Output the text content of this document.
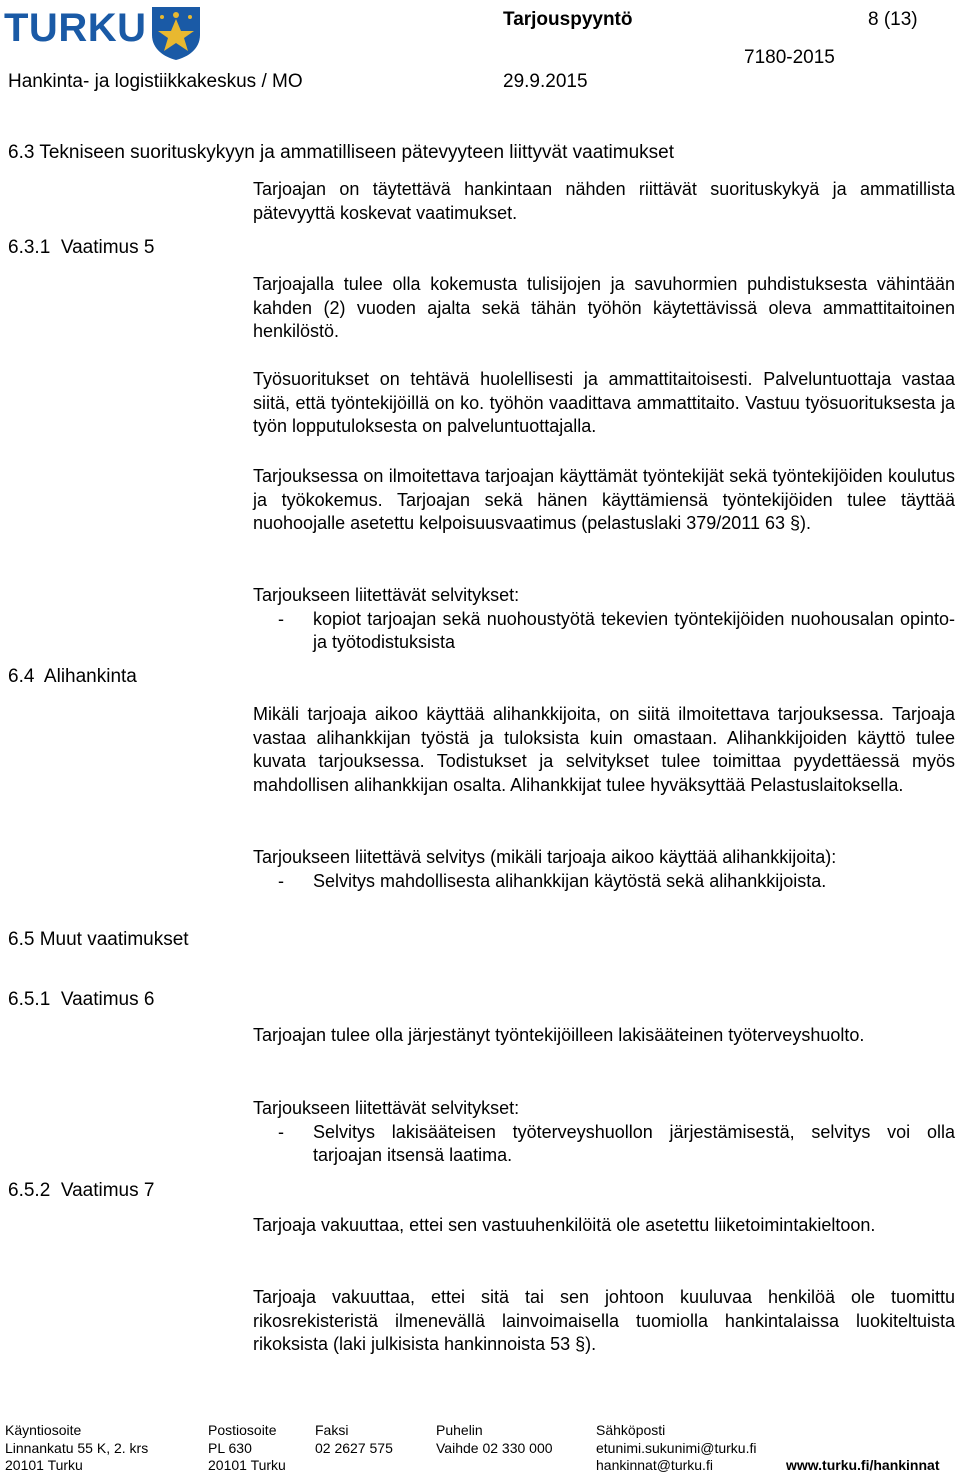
TURKU	Tarjouspyyntö	8 (13)
7180-2015
Hankinta- ja logistiikkakeskus / MO	29.9.2015
6.3 Tekniseen suorituskykyyn ja ammatilliseen pätevyyteen liittyvät vaatimukset
6.3.1  Vaatimus 5
6.4  Alihankinta
6.5 Muut vaatimukset
6.5.1  Vaatimus 6
6.5.2  Vaatimus 7

Tarjoajan on täytettävä hankintaan nähden riittävät suorituskykyä ja ammatillista pätevyyttä koskevat vaatimukset.

Tarjoajalla tulee olla kokemusta tulisijojen ja savuhormien puhdistuksesta vähintään kahden (2) vuoden ajalta sekä tähän työhön käytettävissä oleva ammattitaitoinen henkilöstö.

Työsuoritukset on tehtävä huolellisesti ja ammattitaitoisesti. Palveluntuottaja vastaa siitä, että työntekijöillä on ko. työhön vaadittava ammattitaito. Vastuu työsuorituksesta ja työn lopputuloksesta on palveluntuottajalla.

Tarjouksessa on ilmoitettava tarjoajan käyttämät työntekijät sekä työntekijöiden koulutus ja työkokemus. Tarjoajan sekä hänen käyttämiensä työntekijöiden tulee täyttää nuohoojalle asetettu kelpoisuusvaatimus (pelastuslaki 379/2011 63 §).

Tarjoukseen liitettävät selvitykset:

-	kopiot tarjoajan sekä nuohoustyötä tekevien työntekijöiden nuohousalan opinto- ja työtodistuksista

Mikäli tarjoaja aikoo käyttää alihankkijoita, on siitä ilmoitettava tarjouksessa. Tarjoaja vastaa alihankkijan työstä ja tuloksista kuin omastaan. Alihankkijoiden käyttö tulee kuvata tarjouksessa. Todistukset ja selvitykset tulee toimittaa pyydettäessä myös mahdollisen alihankkijan osalta. Alihankkijat tulee hyväksyttää Pelastuslaitoksella.

Tarjoukseen liitettävä selvitys (mikäli tarjoaja aikoo käyttää alihankkijoita):

-	Selvitys mahdollisesta alihankkijan käytöstä sekä alihankkijoista.

Tarjoajan tulee olla järjestänyt työntekijöilleen lakisääteinen työterveyshuolto.

Tarjoukseen liitettävät selvitykset:

-	Selvitys lakisääteisen työterveyshuollon järjestämisestä, selvitys voi olla tarjoajan itsensä laatima.

Tarjoaja vakuuttaa, ettei sen vastuuhenkilöitä ole asetettu liiketoimintakieltoon.

Tarjoaja vakuuttaa, ettei sitä tai sen johtoon kuuluvaa henkilöä ole tuomittu rikosrekisteristä ilmenevällä lainvoimaisella tuomiolla hankintalaissa luokiteltuista rikoksista (laki julkisista hankinnoista 53 §).

Käyntiosoite
Linnankatu 55 K, 2. krs
20101 Turku
Postiosoite
PL 630
20101 Turku
Faksi
02 2627 575
Puhelin
Vaihde 02 330 000
Sähköposti
etunimi.sukunimi@turku.fi
hankinnat@turku.fi	www.turku.fi/hankinnat
